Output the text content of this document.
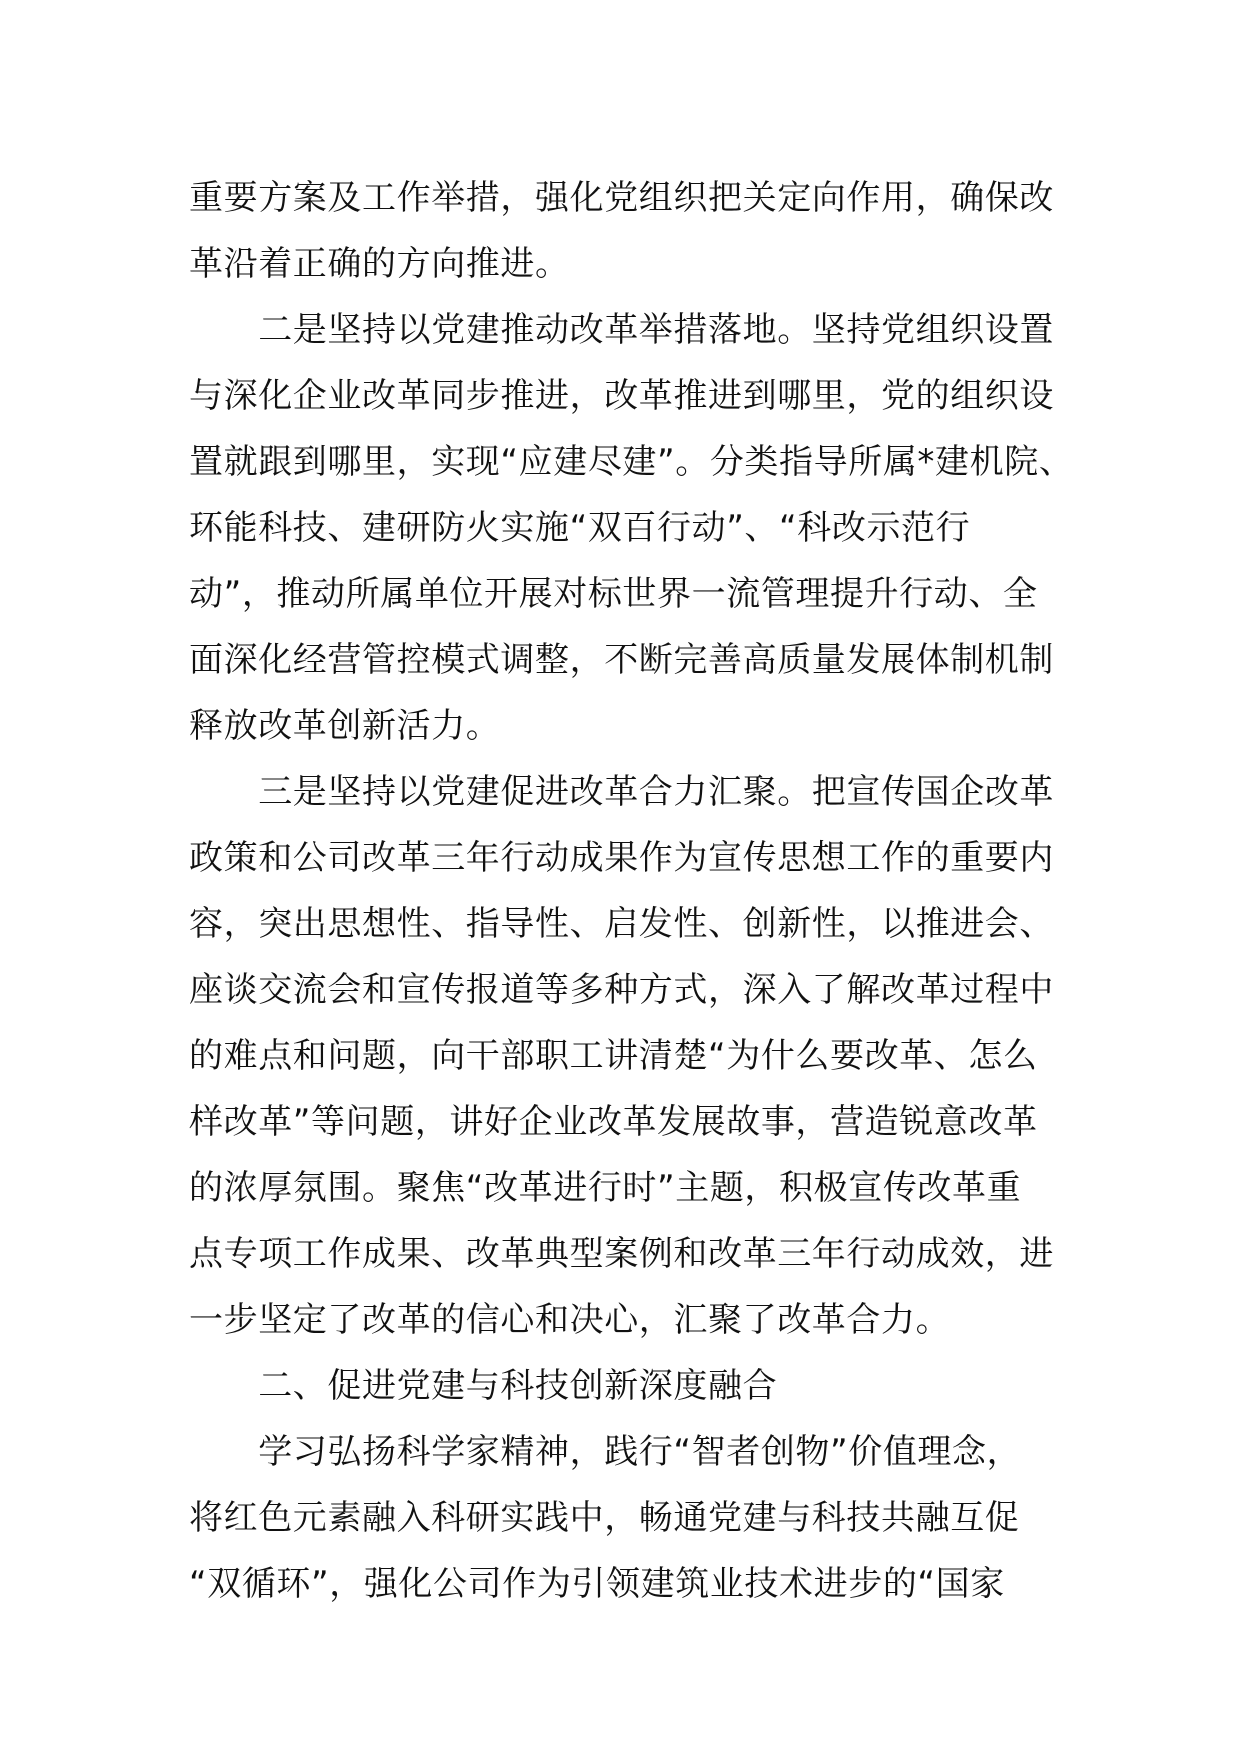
重要方案及工作举措，强化党组织把关定向作用，确保改
革沿着正确的方向推进。
　　二是坚持以党建推动改革举措落地。坚持党组织设置
与深化企业改革同步推进，改革推进到哪里，党的组织设
置就跟到哪里，实现“应建尽建”。分类指导所属*建机院、
环能科技、建研防火实施“双百行动”、“科改示范行
动”，推动所属单位开展对标世界一流管理提升行动、全
面深化经营管控模式调整，不断完善高质量发展体制机制
释放改革创新活力。
　　三是坚持以党建促进改革合力汇聚。把宣传国企改革
政策和公司改革三年行动成果作为宣传思想工作的重要内
容，突出思想性、指导性、启发性、创新性，以推进会、
座谈交流会和宣传报道等多种方式，深入了解改革过程中
的难点和问题，向干部职工讲清楚“为什么要改革、怎么
样改革”等问题，讲好企业改革发展故事，营造锐意改革
的浓厚氛围。聚焦“改革进行时”主题，积极宣传改革重
点专项工作成果、改革典型案例和改革三年行动成效，进
一步坚定了改革的信心和决心，汇聚了改革合力。
　　二、促进党建与科技创新深度融合
　　学习弘扬科学家精神，践行“智者创物”价值理念，
将红色元素融入科研实践中，畅通党建与科技共融互促
“双循环”，强化公司作为引领建筑业技术进步的“国家
